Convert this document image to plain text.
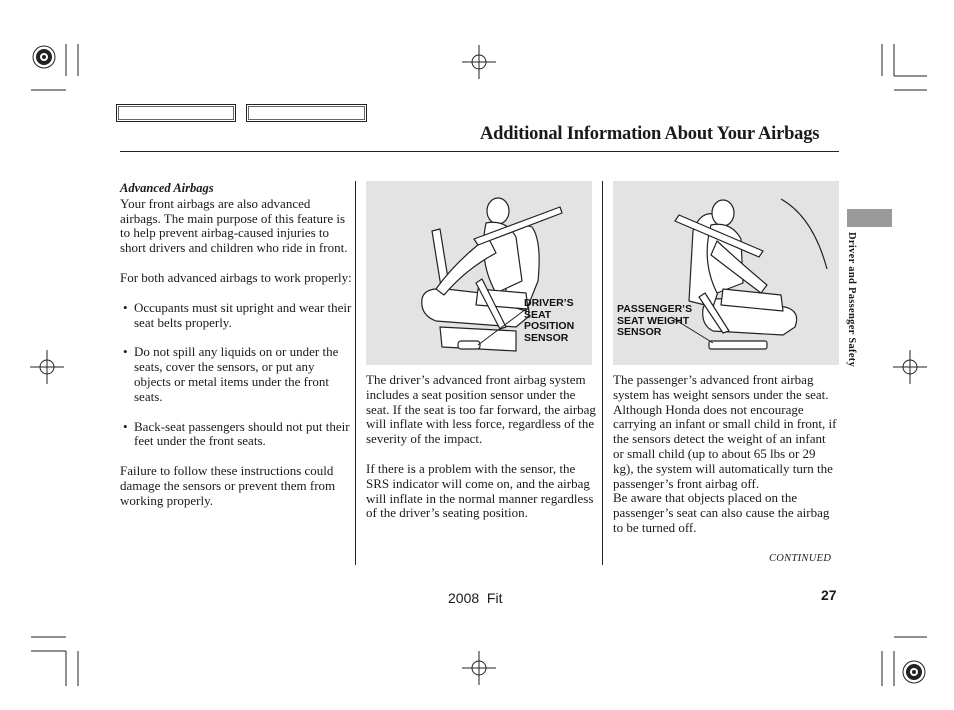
Additional Information About Your Airbags
Advanced Airbags

Your front airbags are also advanced airbags. The main purpose of this feature is to help prevent airbag-caused injuries to short drivers and children who ride in front.

For both advanced airbags to work properly:

• Occupants must sit upright and wear their seat belts properly.
• Do not spill any liquids on or under the seats, cover the sensors, or put any objects or metal items under the front seats.
• Back-seat passengers should not put their feet under the front seats.

Failure to follow these instructions could damage the sensors or prevent them from working properly.

DRIVER’S
SEAT
POSITION
SENSOR

The driver’s advanced front airbag system includes a seat position sensor under the seat. If the seat is too far forward, the airbag will inflate with less force, regardless of the severity of the impact.

If there is a problem with the sensor, the SRS indicator will come on, and the airbag will inflate in the normal manner regardless of the driver’s seating position.

PASSENGER’S
SEAT WEIGHT
SENSOR

The passenger’s advanced front airbag system has weight sensors under the seat. Although Honda does not encourage carrying an infant or small child in front, if the sensors detect the weight of an infant or small child (up to about 65 lbs or 29 kg), the system will automatically turn the passenger’s front airbag off.

Be aware that objects placed on the passenger’s seat can also cause the airbag to be turned off.

CONTINUED
Driver and Passenger Safety
2008  Fit	27
